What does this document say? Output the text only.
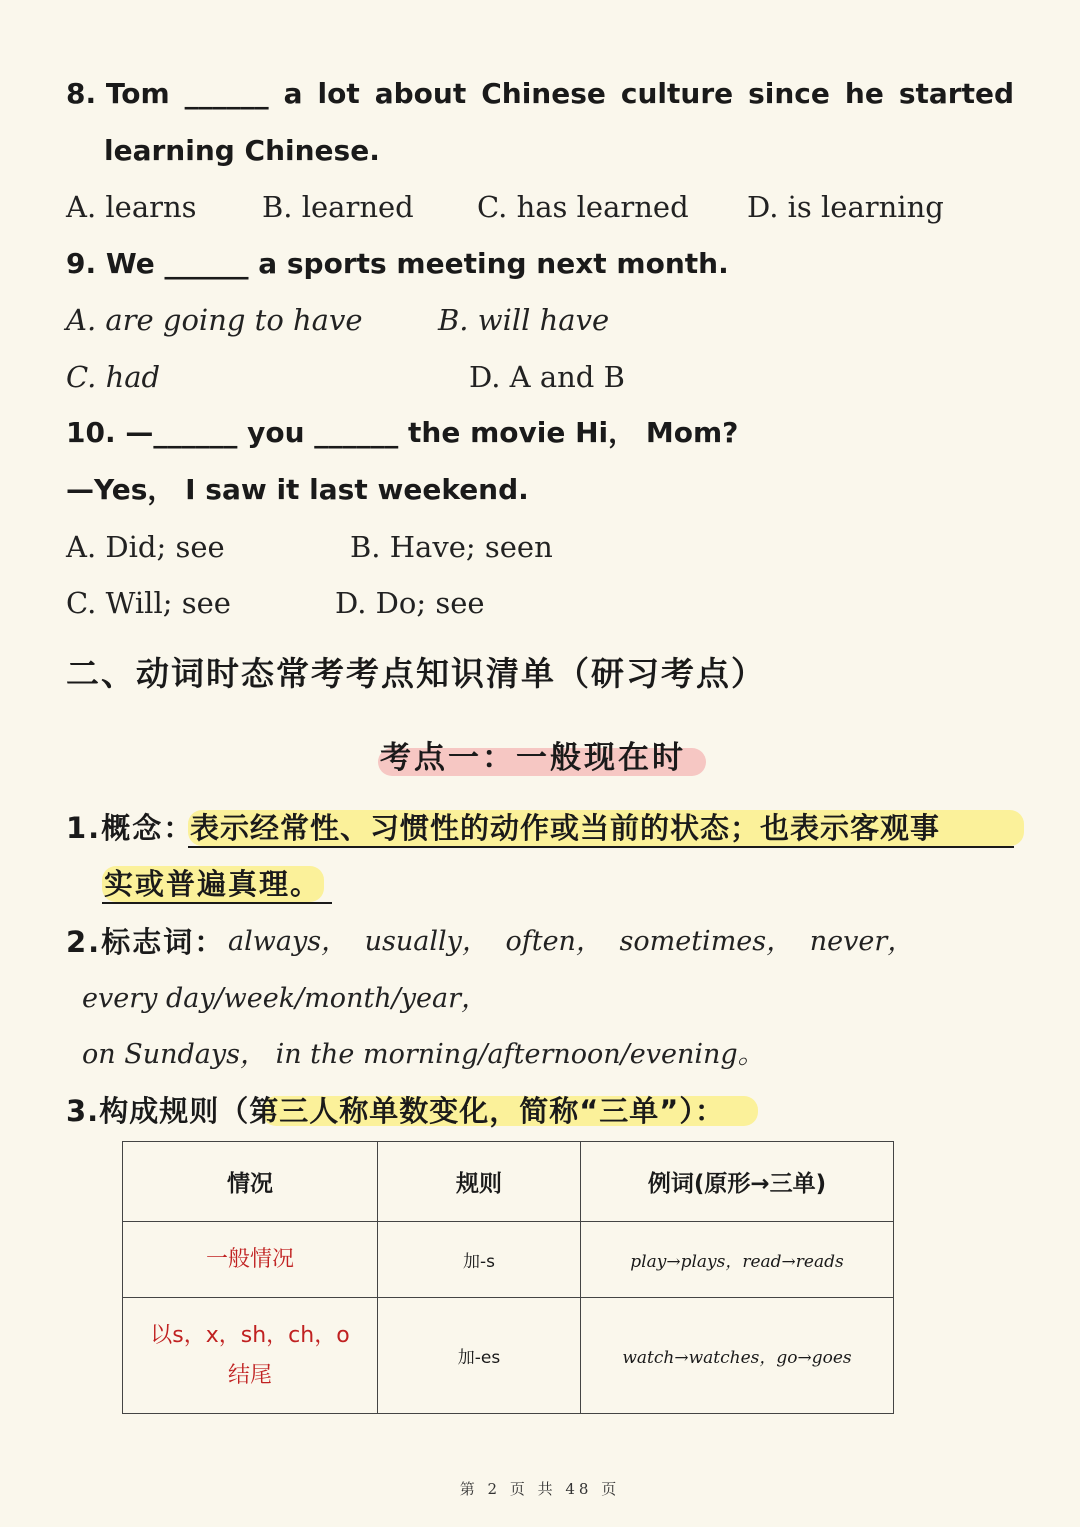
8. Tom ______ a lot about Chinese culture since he started
learning Chinese.
A. learns B. learned C. has learned D. is learning
9. We ______ a sports meeting next month.
A. are going to have	B. will have
C. had	D. A and B
10. —______ you ______ the movie Hi， Mom?
—Yes， I saw it last weekend.
A. Did; see	B. Have; seen
C. Will; see	D. Do; see
二、动词时态常考考点知识清单（研习考点）
考点一：一般现在时
1.概念：
表示经常性、习惯性的动作或当前的状态；也表示客观事
实或普遍真理。
2.标志词： always， usually， often， sometimes， never，
every day/week/month/year，
on Sundays， in the morning/afternoon/evening。
3.构成规则（第三人称单数变化，简称“三单”）：
情况	规则	例词(原形→三单)
一般情况	加-s	play→plays，read→reads

以s，x，sh，ch，o
结尾	加-es	watch→watches，go→goes
第 2 页 共 48 页
